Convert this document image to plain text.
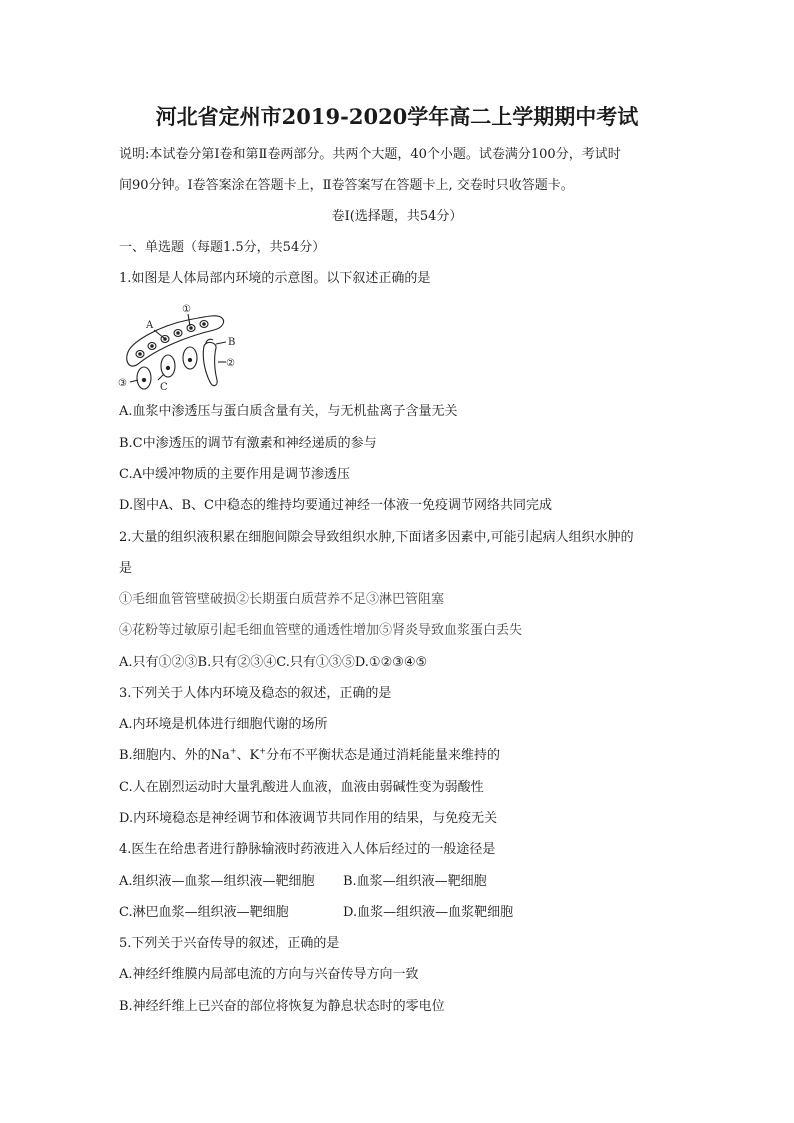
河北省定州市2019-2020学年高二上学期期中考试
说明:本试卷分第Ⅰ卷和第Ⅱ卷两部分。共两个大题，40个小题。试卷满分100分，考试时
间90分钟。Ⅰ卷答案涂在答题卡上，Ⅱ卷答案写在答题卡上, 交卷时只收答题卡。
卷Ⅰ(选择题，共54分）
一、单选题（每题1.5分，共54分）
1.如图是人体局部内环境的示意图。以下叙述正确的是
A
①
B
②
③	C
A.血浆中渗透压与蛋白质含量有关，与无机盐离子含量无关
B.C中渗透压的调节有激素和神经递质的参与
C.A中缓冲物质的主要作用是调节渗透压
D.图中A、B、C中稳态的维持均要通过神经一体液一免疫调节网络共同完成
2.大量的组织液积累在细胞间隙会导致组织水肿,下面诸多因素中,可能引起病人组织水肿的
是
①毛细血管管壁破损②长期蛋白质营养不足③淋巴管阻塞
④花粉等过敏原引起毛细血管壁的通透性增加⑤肾炎导致血浆蛋白丢失
A.只有①②③B.只有②③④C.只有①③⑤D.①②③④⑤
3.下列关于人体内环境及稳态的叙述，正确的是
A.内环境是机体进行细胞代谢的场所
B.细胞内、外的Na+、K+分布不平衡状态是通过消耗能量来维持的
C.人在剧烈运动时大量乳酸进人血液，血液由弱碱性变为弱酸性
D.内环境稳态是神经调节和体液调节共同作用的结果，与免疫无关
4.医生在给患者进行静脉输液时药液进入人体后经过的一般途径是
A.组织液—血浆—组织液—靶细胞 B.血浆—组织液—靶细胞
C.淋巴血浆—组织液—靶细胞	D.血浆—组织液—血浆靶细胞
5.下列关于兴奋传导的叙述，正确的是
A.神经纤维膜内局部电流的方向与兴奋传导方向一致
B.神经纤维上已兴奋的部位将恢复为静息状态时的零电位
